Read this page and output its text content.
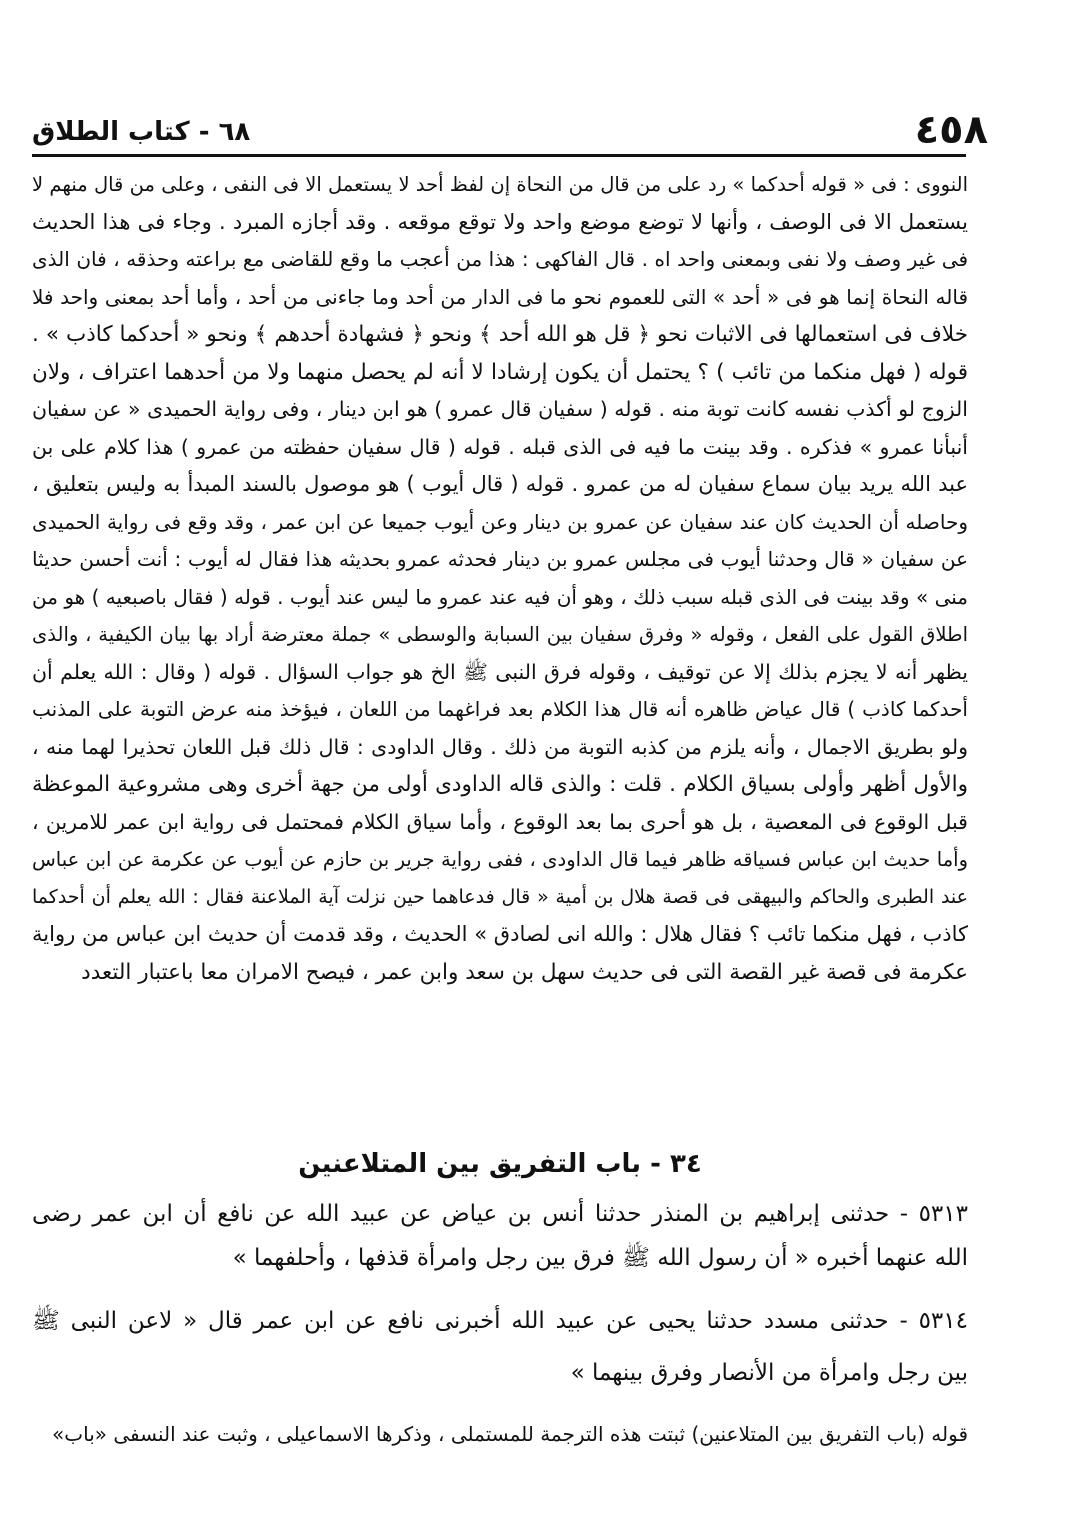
٤٥٨
٦٨ - كتاب الطلاق
النووى : فى « قوله أحدكما » رد على من قال من النحاة إن لفظ أحد لا يستعمل الا فى النفى ، وعلى من قال منهم لا
يستعمل الا فى الوصف ، وأنها لا توضع موضع واحد ولا توقع موقعه . وقد أجازه المبرد . وجاء فى هذا الحديث
فى غير وصف ولا نفى وبمعنى واحد اه . قال الفاكهى : هذا من أعجب ما وقع للقاضى مع براعته وحذقه ، فان الذى
قاله النحاة إنما هو فى « أحد » التى للعموم نحو ما فى الدار من أحد وما جاءنى من أحد ، وأما أحد بمعنى واحد فلا
خلاف فى استعمالها فى الاثبات نحو ﴿ قل هو الله أحد ﴾ ونحو ﴿ فشهادة أحدهم ﴾ ونحو « أحدكما كاذب » .
قوله ( فهل منكما من تائب ) ؟ يحتمل أن يكون إرشادا لا أنه لم يحصل منهما ولا من أحدهما اعتراف ، ولان
الزوج لو أكذب نفسه كانت توبة منه . قوله ( سفيان قال عمرو ) هو ابن دينار ، وفى رواية الحميدى « عن سفيان
أنبأنا عمرو » فذكره . وقد بينت ما فيه فى الذى قبله . قوله ( قال سفيان حفظته من عمرو ) هذا كلام على بن
عبد الله يريد بيان سماع سفيان له من عمرو . قوله ( قال أيوب ) هو موصول بالسند المبدأ به وليس بتعليق ،
وحاصله أن الحديث كان عند سفيان عن عمرو بن دينار وعن أيوب جميعا عن ابن عمر ، وقد وقع فى رواية الحميدى
عن سفيان « قال وحدثنا أيوب فى مجلس عمرو بن دينار فحدثه عمرو بحديثه هذا فقال له أيوب : أنت أحسن حديثا
منى » وقد بينت فى الذى قبله سبب ذلك ، وهو أن فيه عند عمرو ما ليس عند أيوب . قوله ( فقال باصبعيه ) هو من
اطلاق القول على الفعل ، وقوله « وفرق سفيان بين السبابة والوسطى » جملة معترضة أراد بها بيان الكيفية ، والذى
يظهر أنه لا يجزم بذلك إلا عن توقيف ، وقوله فرق النبى ﷺ الخ هو جواب السؤال . قوله ( وقال : الله يعلم أن
أحدكما كاذب ) قال عياض ظاهره أنه قال هذا الكلام بعد فراغهما من اللعان ، فيؤخذ منه عرض التوبة على المذنب
ولو بطريق الاجمال ، وأنه يلزم من كذبه التوبة من ذلك . وقال الداودى : قال ذلك قبل اللعان تحذيرا لهما منه ،
والأول أظهر وأولى بسياق الكلام . قلت : والذى قاله الداودى أولى من جهة أخرى وهى مشروعية الموعظة
قبل الوقوع فى المعصية ، بل هو أحرى بما بعد الوقوع ، وأما سياق الكلام فمحتمل فى رواية ابن عمر للامرين ،
وأما حديث ابن عباس فسياقه ظاهر فيما قال الداودى ، ففى رواية جرير بن حازم عن أيوب عن عكرمة عن ابن عباس
عند الطبرى والحاكم والبيهقى فى قصة هلال بن أمية « قال فدعاهما حين نزلت آية الملاعنة فقال : الله يعلم أن أحدكما
كاذب ، فهل منكما تائب ؟ فقال هلال : والله انى لصادق » الحديث ، وقد قدمت أن حديث ابن عباس من رواية
عكرمة فى قصة غير القصة التى فى حديث سهل بن سعد وابن عمر ، فيصح الامران معا باعتبار التعدد
٣٤ - باب التفريق بين المتلاعنين
٥٣١٣ - حدثنى إبراهيم بن المنذر حدثنا أنس بن عياض عن عبيد الله عن نافع أن ابن عمر رضى
الله عنهما أخبره « أن رسول الله ﷺ فرق بين رجل وامرأة قذفها ، وأحلفهما »
٥٣١٤ - حدثنى مسدد حدثنا يحيى عن عبيد الله أخبرنى نافع عن ابن عمر قال « لاعن النبى ﷺ
بين رجل وامرأة من الأنصار وفرق بينهما »
قوله (باب التفريق بين المتلاعنين) ثبتت هذه الترجمة للمستملى ، وذكرها الاسماعيلى ، وثبت عند النسفى «باب»
